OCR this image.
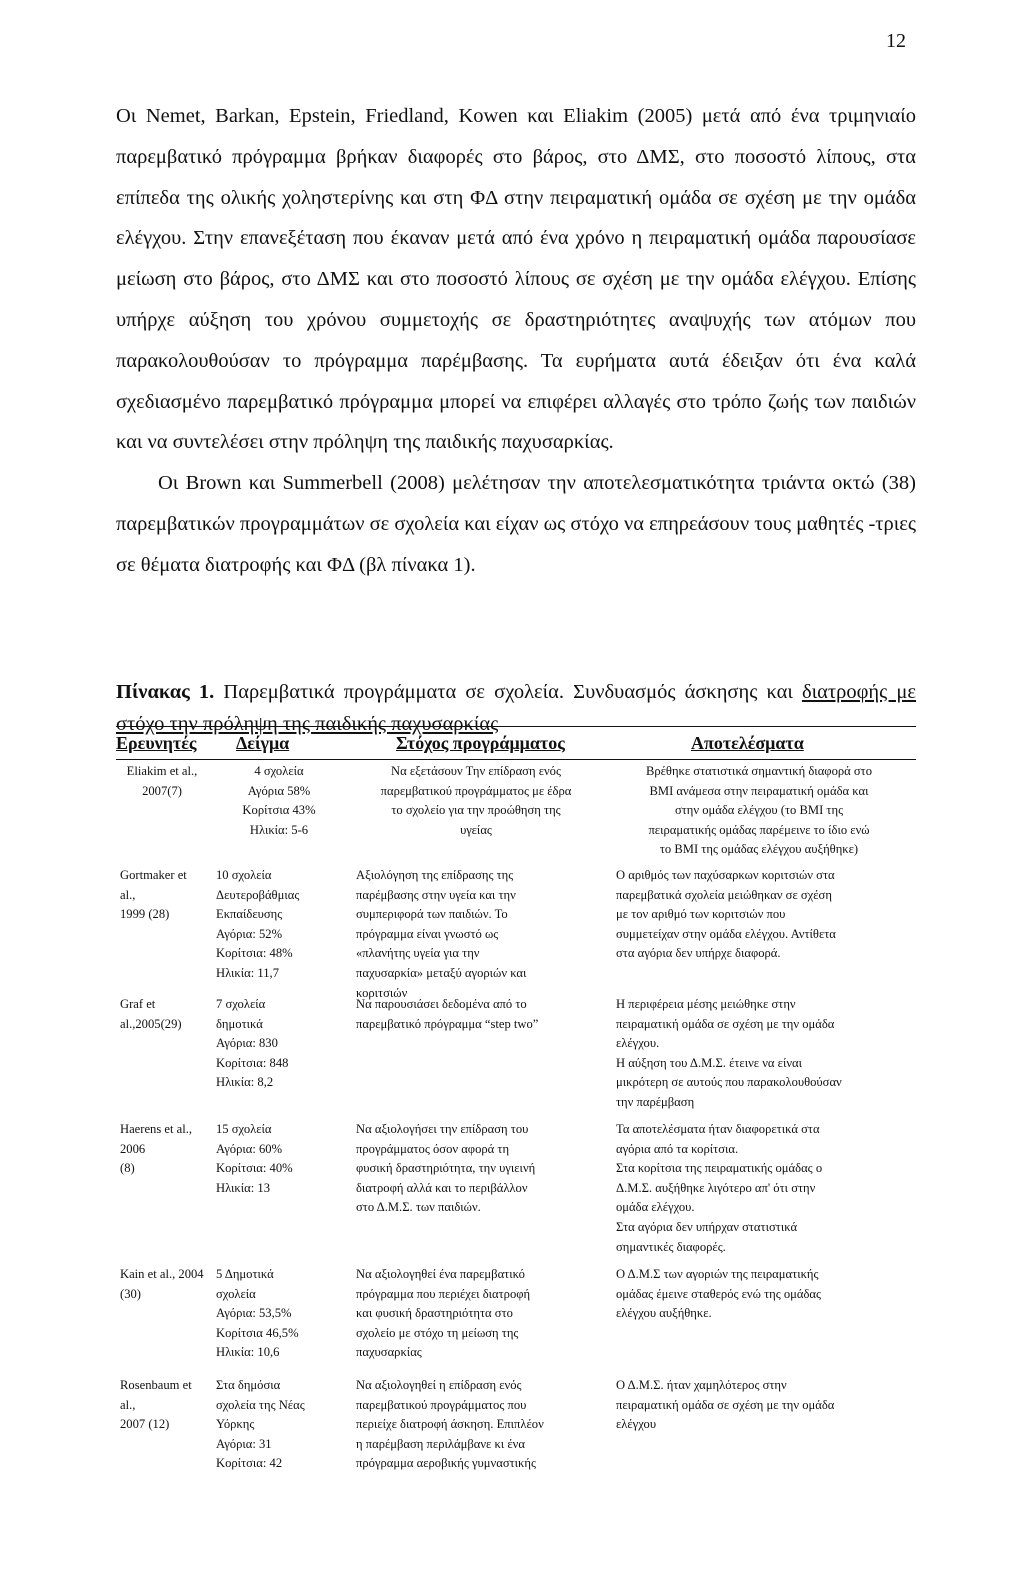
12

Οι Nemet, Barkan, Epstein, Friedland, Kowen και Eliakim (2005) μετά από ένα τριμηνιαίο παρεμβατικό πρόγραμμα βρήκαν διαφορές στο βάρος, στο ΔΜΣ, στο ποσοστό λίπους, στα επίπεδα της ολικής χοληστερίνης και στη ΦΔ στην πειραματική ομάδα σε σχέση με την ομάδα ελέγχου. Στην επανεξέταση που έκαναν μετά από ένα χρόνο η πειραματική ομάδα παρουσίασε μείωση στο βάρος, στο ΔΜΣ και στο ποσοστό λίπους σε σχέση με την ομάδα ελέγχου. Επίσης υπήρχε αύξηση του χρόνου συμμετοχής σε δραστηριότητες αναψυχής των ατόμων που παρακολουθούσαν το πρόγραμμα παρέμβασης. Τα ευρήματα αυτά έδειξαν ότι ένα καλά σχεδιασμένο παρεμβατικό πρόγραμμα μπορεί να επιφέρει αλλαγές στο τρόπο ζωής των παιδιών και να συντελέσει στην πρόληψη της παιδικής παχυσαρκίας.

Οι Brown και Summerbell (2008) μελέτησαν την αποτελεσματικότητα τριάντα οκτώ (38) παρεμβατικών προγραμμάτων σε σχολεία και είχαν ως στόχο να επηρεάσουν τους μαθητές -τριες σε θέματα διατροφής και ΦΔ (βλ πίνακα 1).

Πίνακας 1. Παρεμβατικά προγράμματα σε σχολεία. Συνδυασμός άσκησης και διατροφής με στόχο την πρόληψη της παιδικής παχυσαρκίας
Ερευνητές Δείγμα	Στόχος προγράμματος	Αποτελέσματα
Eliakim et al.,
2007(7)
4 σχολεία
Αγόρια 58%
Κορίτσια 43%
Ηλικία: 5-6
Να εξετάσουν Την επίδραση ενός
παρεμβατικού προγράμματος με έδρα
το σχολείο για την προώθηση της
υγείας
Βρέθηκε στατιστικά σημαντική διαφορά στο
BMI ανάμεσα στην πειραματική ομάδα και
στην ομάδα ελέγχου (το BMI της
πειραματικής ομάδας παρέμεινε το ίδιο ενώ
το BMI της ομάδας ελέγχου αυξήθηκε)
Gortmaker et
al.,
1999 (28)
10 σχολεία
Δευτεροβάθμιας
Εκπαίδευσης
Αγόρια: 52%
Κορίτσια: 48%
Ηλικία: 11,7
Αξιολόγηση της επίδρασης της
παρέμβασης στην υγεία και την
συμπεριφορά των παιδιών. Το
πρόγραμμα είναι γνωστό ως
«πλανήτης υγεία για την
παχυσαρκία» μεταξύ αγοριών και
κοριτσιών
Ο αριθμός των παχύσαρκων κοριτσιών στα
παρεμβατικά σχολεία μειώθηκαν σε σχέση
με τον αριθμό των κοριτσιών που
συμμετείχαν στην ομάδα ελέγχου. Αντίθετα
στα αγόρια δεν υπήρχε διαφορά.
Graf et
al.,2005(29)
7 σχολεία
δημοτικά
Αγόρια: 830
Κορίτσια: 848
Ηλικία: 8,2
Να παρουσιάσει δεδομένα από το
παρεμβατικό πρόγραμμα “step two”
Η περιφέρεια μέσης μειώθηκε στην
πειραματική ομάδα σε σχέση με την ομάδα
ελέγχου.
Η αύξηση του Δ.Μ.Σ. έτεινε να είναι
μικρότερη σε αυτούς που παρακολουθούσαν
την παρέμβαση
Haerens et al.,
2006
(8)
15 σχολεία
Αγόρια: 60%
Κορίτσια: 40%
Ηλικία: 13
Να αξιολογήσει την επίδραση του
προγράμματος όσον αφορά τη
φυσική δραστηριότητα, την υγιεινή
διατροφή αλλά και το περιβάλλον
στο Δ.Μ.Σ. των παιδιών.
Τα αποτελέσματα ήταν διαφορετικά στα
αγόρια από τα κορίτσια.
Στα κορίτσια της πειραματικής ομάδας ο
Δ.Μ.Σ. αυξήθηκε λιγότερο απ' ότι στην
ομάδα ελέγχου.
Στα αγόρια δεν υπήρχαν στατιστικά
σημαντικές διαφορές.
Kain et al., 2004
(30)
5 Δημοτικά
σχολεία
Αγόρια: 53,5%
Κορίτσια 46,5%
Ηλικία: 10,6
Να αξιολογηθεί ένα παρεμβατικό
πρόγραμμα που περιέχει διατροφή
και φυσική δραστηριότητα στο
σχολείο με στόχο τη μείωση της
παχυσαρκίας
Ο Δ.Μ.Σ των αγοριών της πειραματικής
ομάδας έμεινε σταθερός ενώ της ομάδας
ελέγχου αυξήθηκε.
Rosenbaum et
al.,
2007 (12)
Στα δημόσια
σχολεία της Νέας
Υόρκης
Αγόρια: 31
Κορίτσια: 42
Να αξιολογηθεί η επίδραση ενός
παρεμβατικού προγράμματος που
περιείχε διατροφή άσκηση. Επιπλέον
η παρέμβαση περιλάμβανε κι ένα
πρόγραμμα αεροβικής γυμναστικής
Ο Δ.Μ.Σ. ήταν χαμηλότερος στην
πειραματική ομάδα σε σχέση με την ομάδα
ελέγχου
